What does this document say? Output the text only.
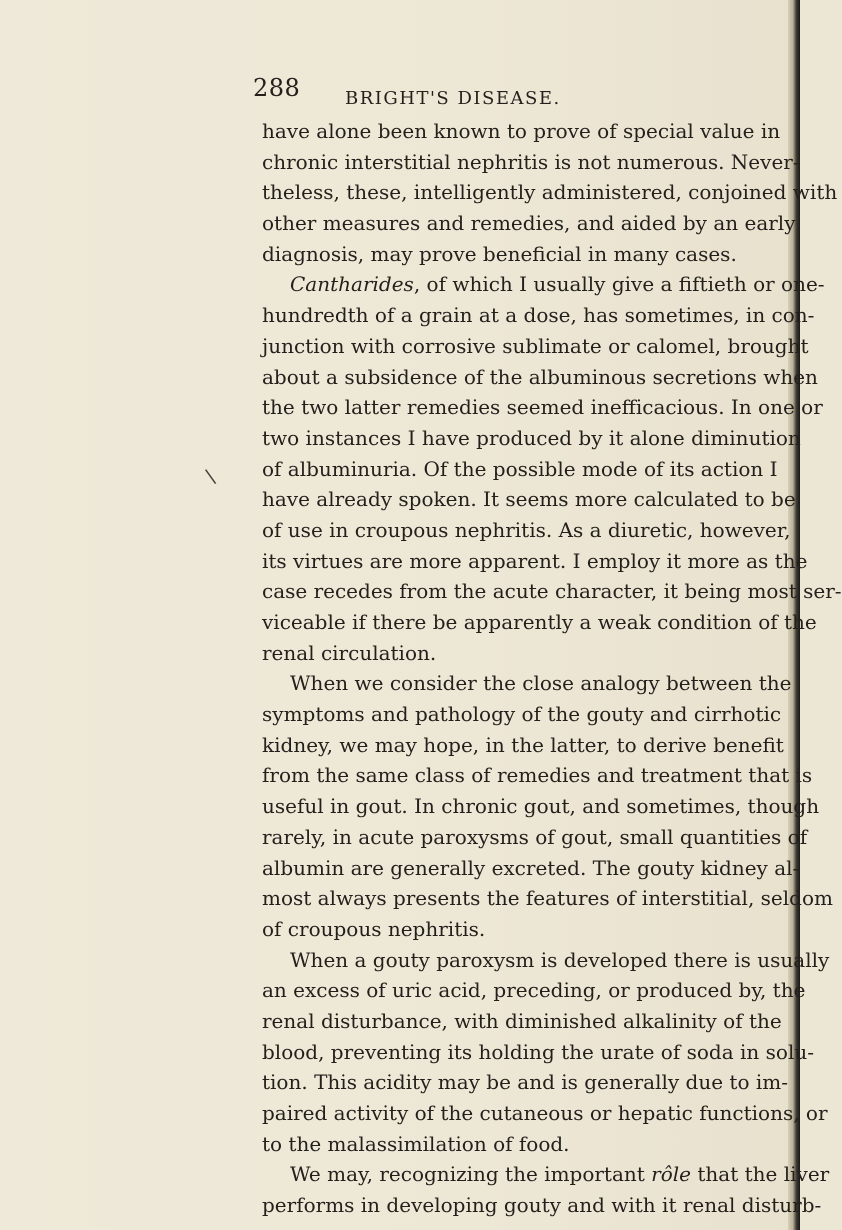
288 BRIGHT'S DISEASE.
\
have alone been known to prove of special value in
chronic interstitial nephritis is not numerous. Never-
theless, these, intelligently administered, conjoined with
other measures and remedies, and aided by an early
diagnosis, may prove beneficial in many cases.
Cantharides, of which I usually give a fiftieth or one-
hundredth of a grain at a dose, has sometimes, in con-
junction with corrosive sublimate or calomel, brought
about a subsidence of the albuminous secretions when
the two latter remedies seemed inefficacious. In one or
two instances I have produced by it alone diminution
of albuminuria. Of the possible mode of its action I
have already spoken. It seems more calculated to be
of use in croupous nephritis. As a diuretic, however,
its virtues are more apparent. I employ it more as the
case recedes from the acute character, it being most ser-
viceable if there be apparently a weak condition of the
renal circulation.
When we consider the close analogy between the
symptoms and pathology of the gouty and cirrhotic
kidney, we may hope, in the latter, to derive benefit
from the same class of remedies and treatment that is
useful in gout. In chronic gout, and sometimes, though
rarely, in acute paroxysms of gout, small quantities of
albumin are generally excreted. The gouty kidney al-
most always presents the features of interstitial, seldom
of croupous nephritis.
When a gouty paroxysm is developed there is usually
an excess of uric acid, preceding, or produced by, the
renal disturbance, with diminished alkalinity of the
blood, preventing its holding the urate of soda in solu-
tion. This acidity may be and is generally due to im-
paired activity of the cutaneous or hepatic functions, or
to the malassimilation of food.
We may, recognizing the important rôle that the liver
performs in developing gouty and with it renal disturb-
